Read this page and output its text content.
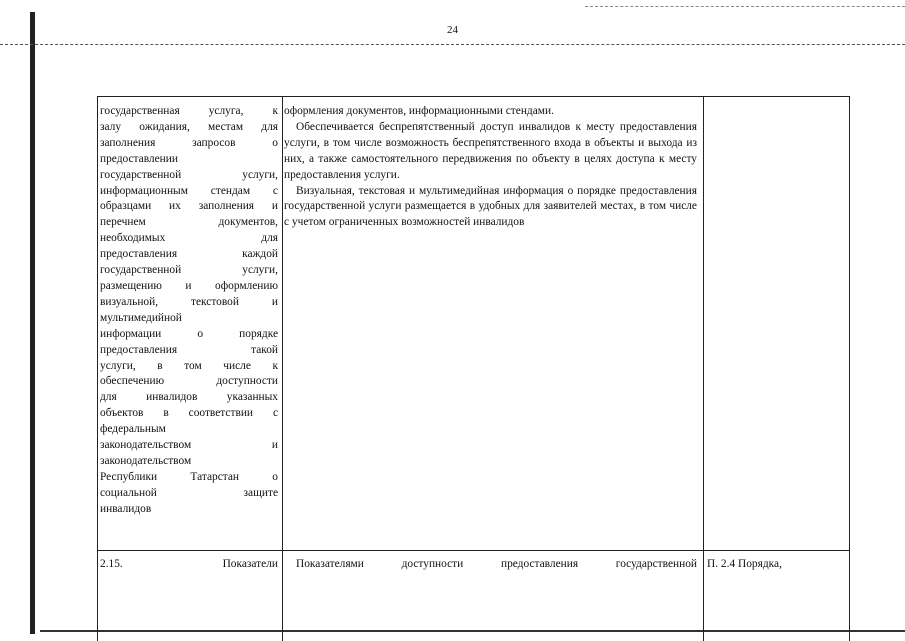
24
государственная услуга, к
залу ожидания, местам для
заполнения запросов о
предоставлении
государственной услуги,
информационным стендам с
образцами их заполнения и
перечнем документов,
необходимых для
предоставления каждой
государственной услуги,
размещению и оформлению
визуальной, текстовой и
мультимедийной
информации о порядке
предоставления такой
услуги, в том числе к
обеспечению доступности
для инвалидов указанных
объектов в соответствии с
федеральным
законодательством и
законодательством
Республики Татарстан о
социальной защите
инвалидов

оформления документов, информационными стендами.

Обеспечивается беспрепятственный доступ инвалидов к месту предоставления услуги, в том числе возможность беспрепятственного входа в объекты и выхода из них, а также самостоятельного передвижения по объекту в целях доступа к месту предоставления услуги.

Визуальная, текстовая и мультимедийная информация о порядке предоставления государственной услуги размещается в удобных для заявителей местах, в том числе с учетом ограниченных возможностей инвалидов

2.15. Показатели	Показателями доступности предоставления государственной П. 2.4 Порядка,
